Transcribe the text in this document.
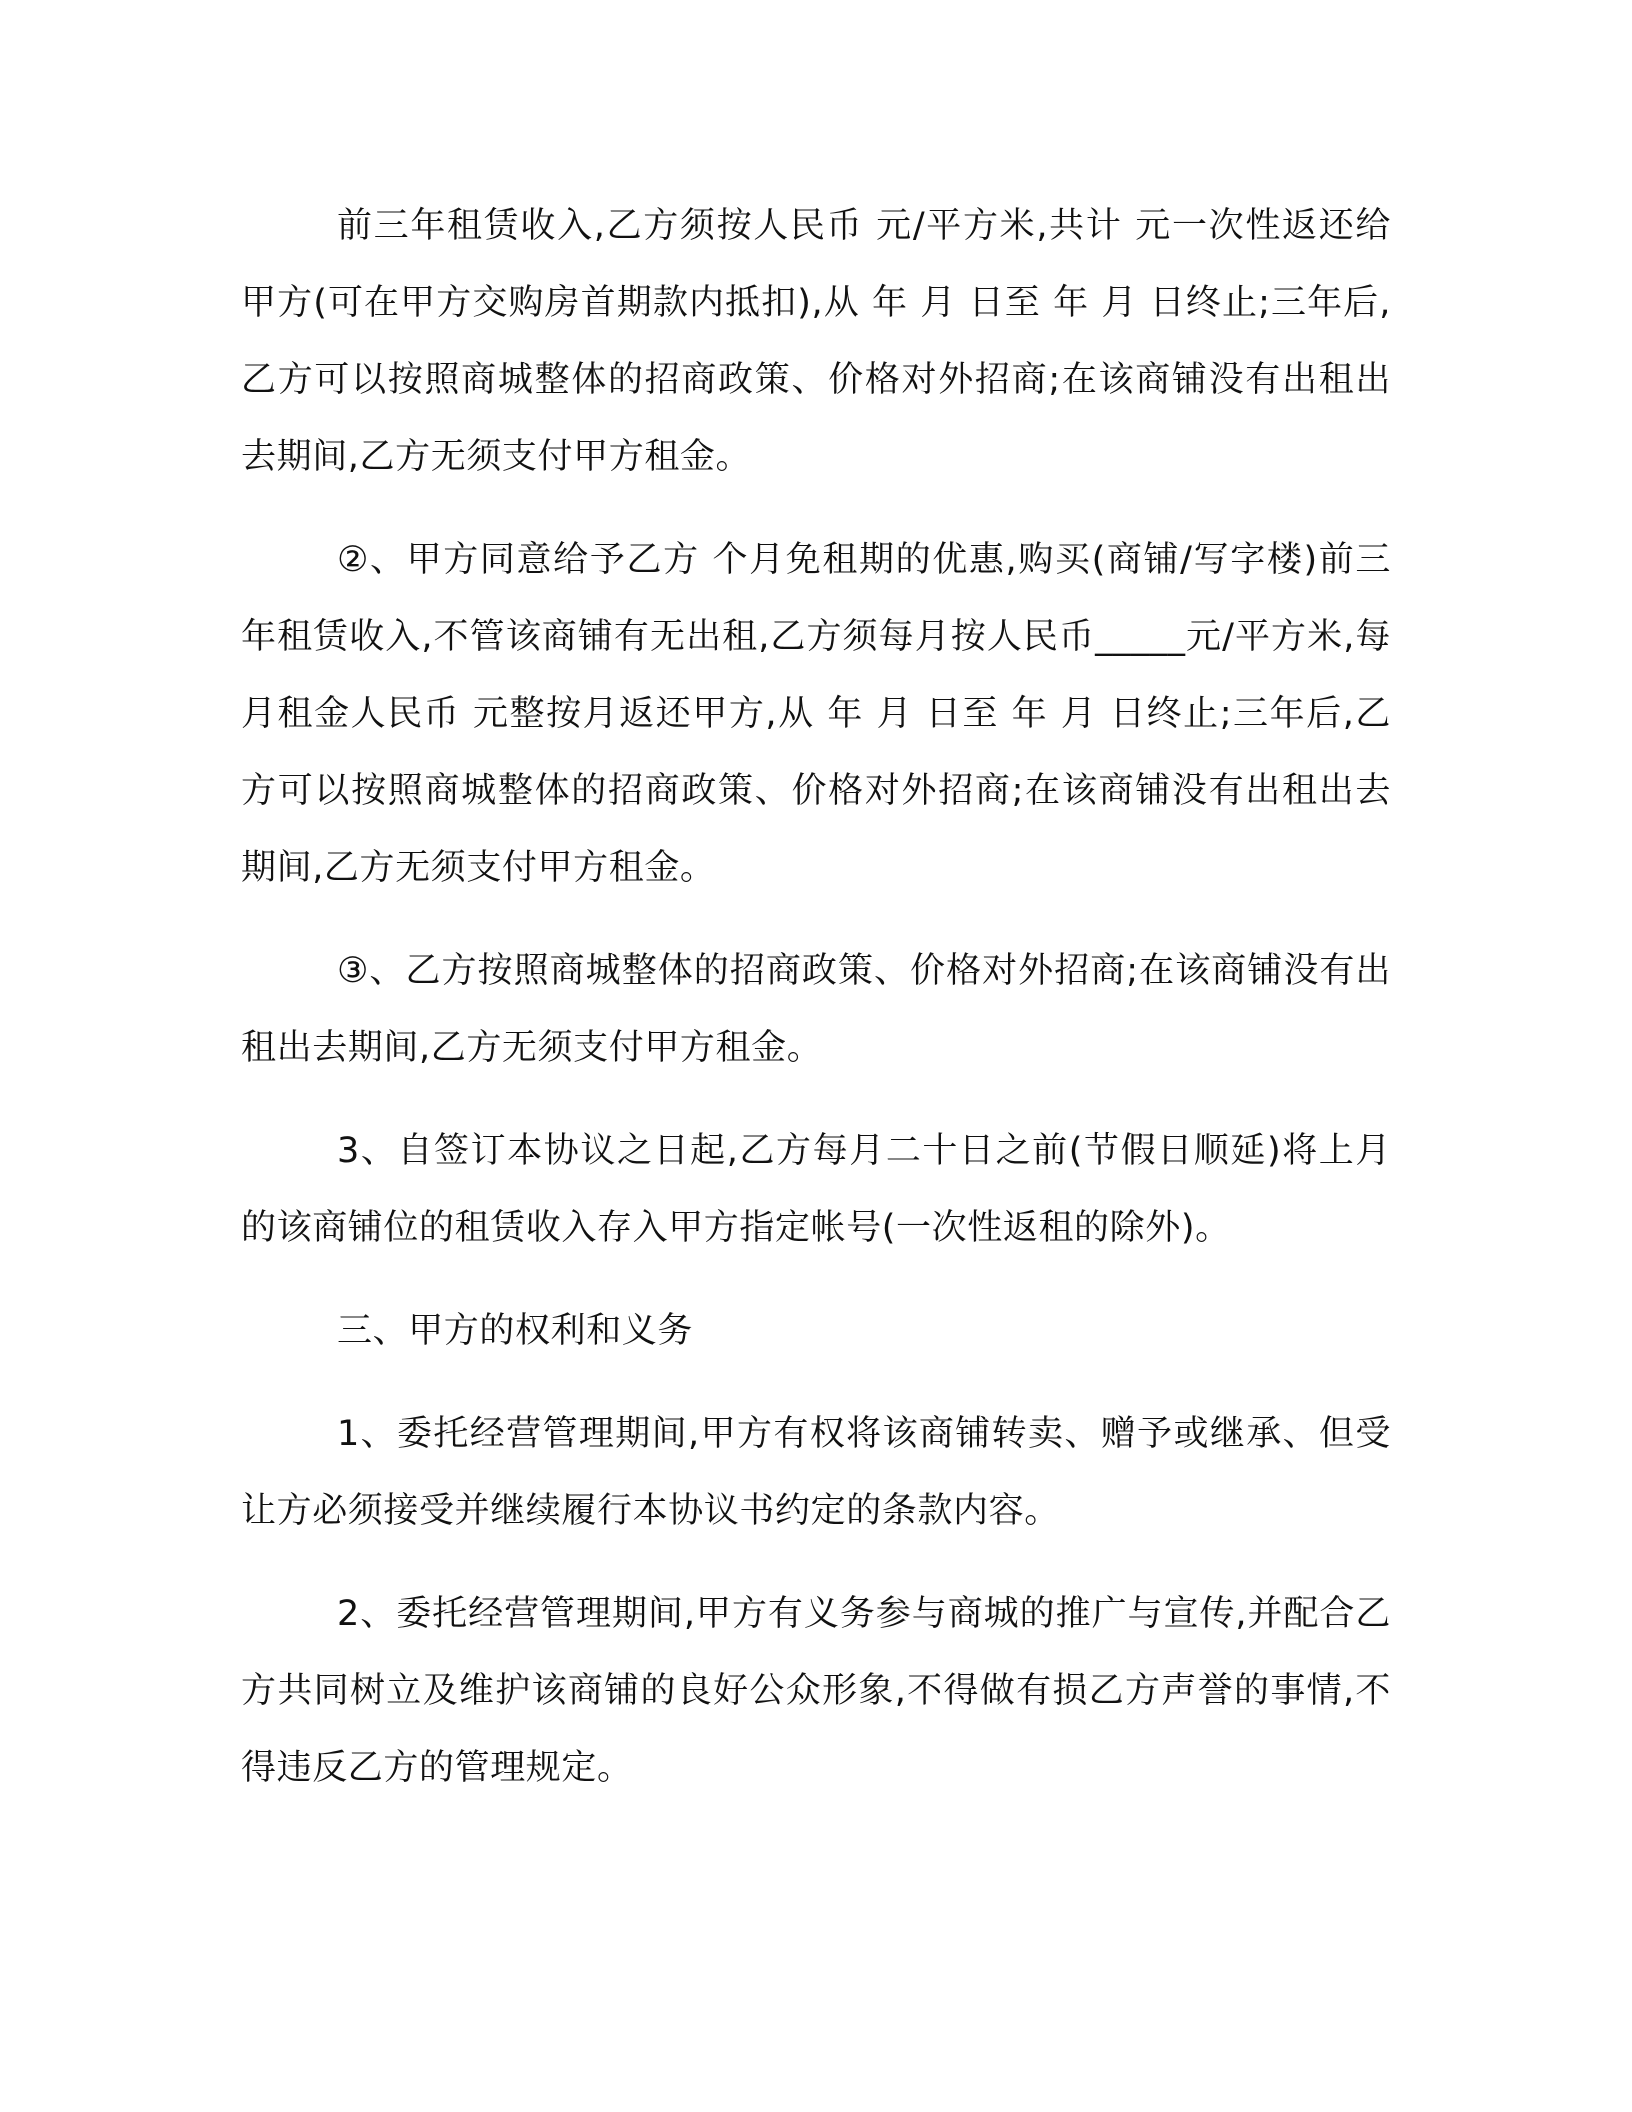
前三年租赁收入,乙方须按人民币 元/平方米,共计 元一次性返还给甲方(可在甲方交购房首期款内抵扣),从 年 月 日至 年 月 日终止;三年后,乙方可以按照商城整体的招商政策、价格对外招商;在该商铺没有出租出去期间,乙方无须支付甲方租金。

②、甲方同意给予乙方 个月免租期的优惠,购买(商铺/写字楼)前三年租赁收入,不管该商铺有无出租,乙方须每月按人民币_____元/平方米,每月租金人民币 元整按月返还甲方,从 年 月 日至 年 月 日终止;三年后,乙方可以按照商城整体的招商政策、价格对外招商;在该商铺没有出租出去期间,乙方无须支付甲方租金。

③、乙方按照商城整体的招商政策、价格对外招商;在该商铺没有出租出去期间,乙方无须支付甲方租金。

3、自签订本协议之日起,乙方每月二十日之前(节假日顺延)将上月的该商铺位的租赁收入存入甲方指定帐号(一次性返租的除外)。

三、甲方的权利和义务

1、委托经营管理期间,甲方有权将该商铺转卖、赠予或继承、但受让方必须接受并继续履行本协议书约定的条款内容。

2、委托经营管理期间,甲方有义务参与商城的推广与宣传,并配合乙方共同树立及维护该商铺的良好公众形象,不得做有损乙方声誉的事情,不得违反乙方的管理规定。
